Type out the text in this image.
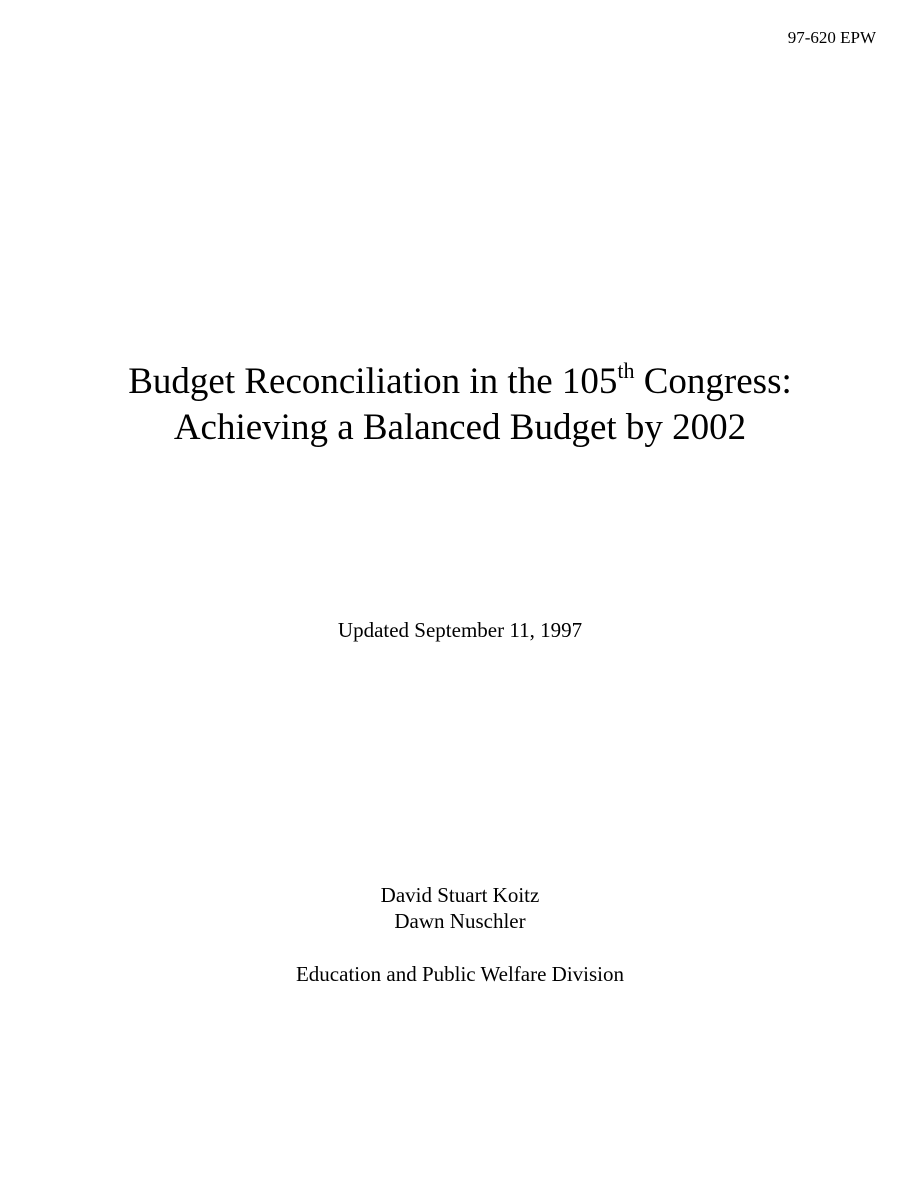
97-620 EPW
Budget Reconciliation in the 105th Congress:
Achieving a Balanced Budget by 2002
Updated September 11, 1997
David Stuart Koitz
Dawn Nuschler
Education and Public Welfare Division
